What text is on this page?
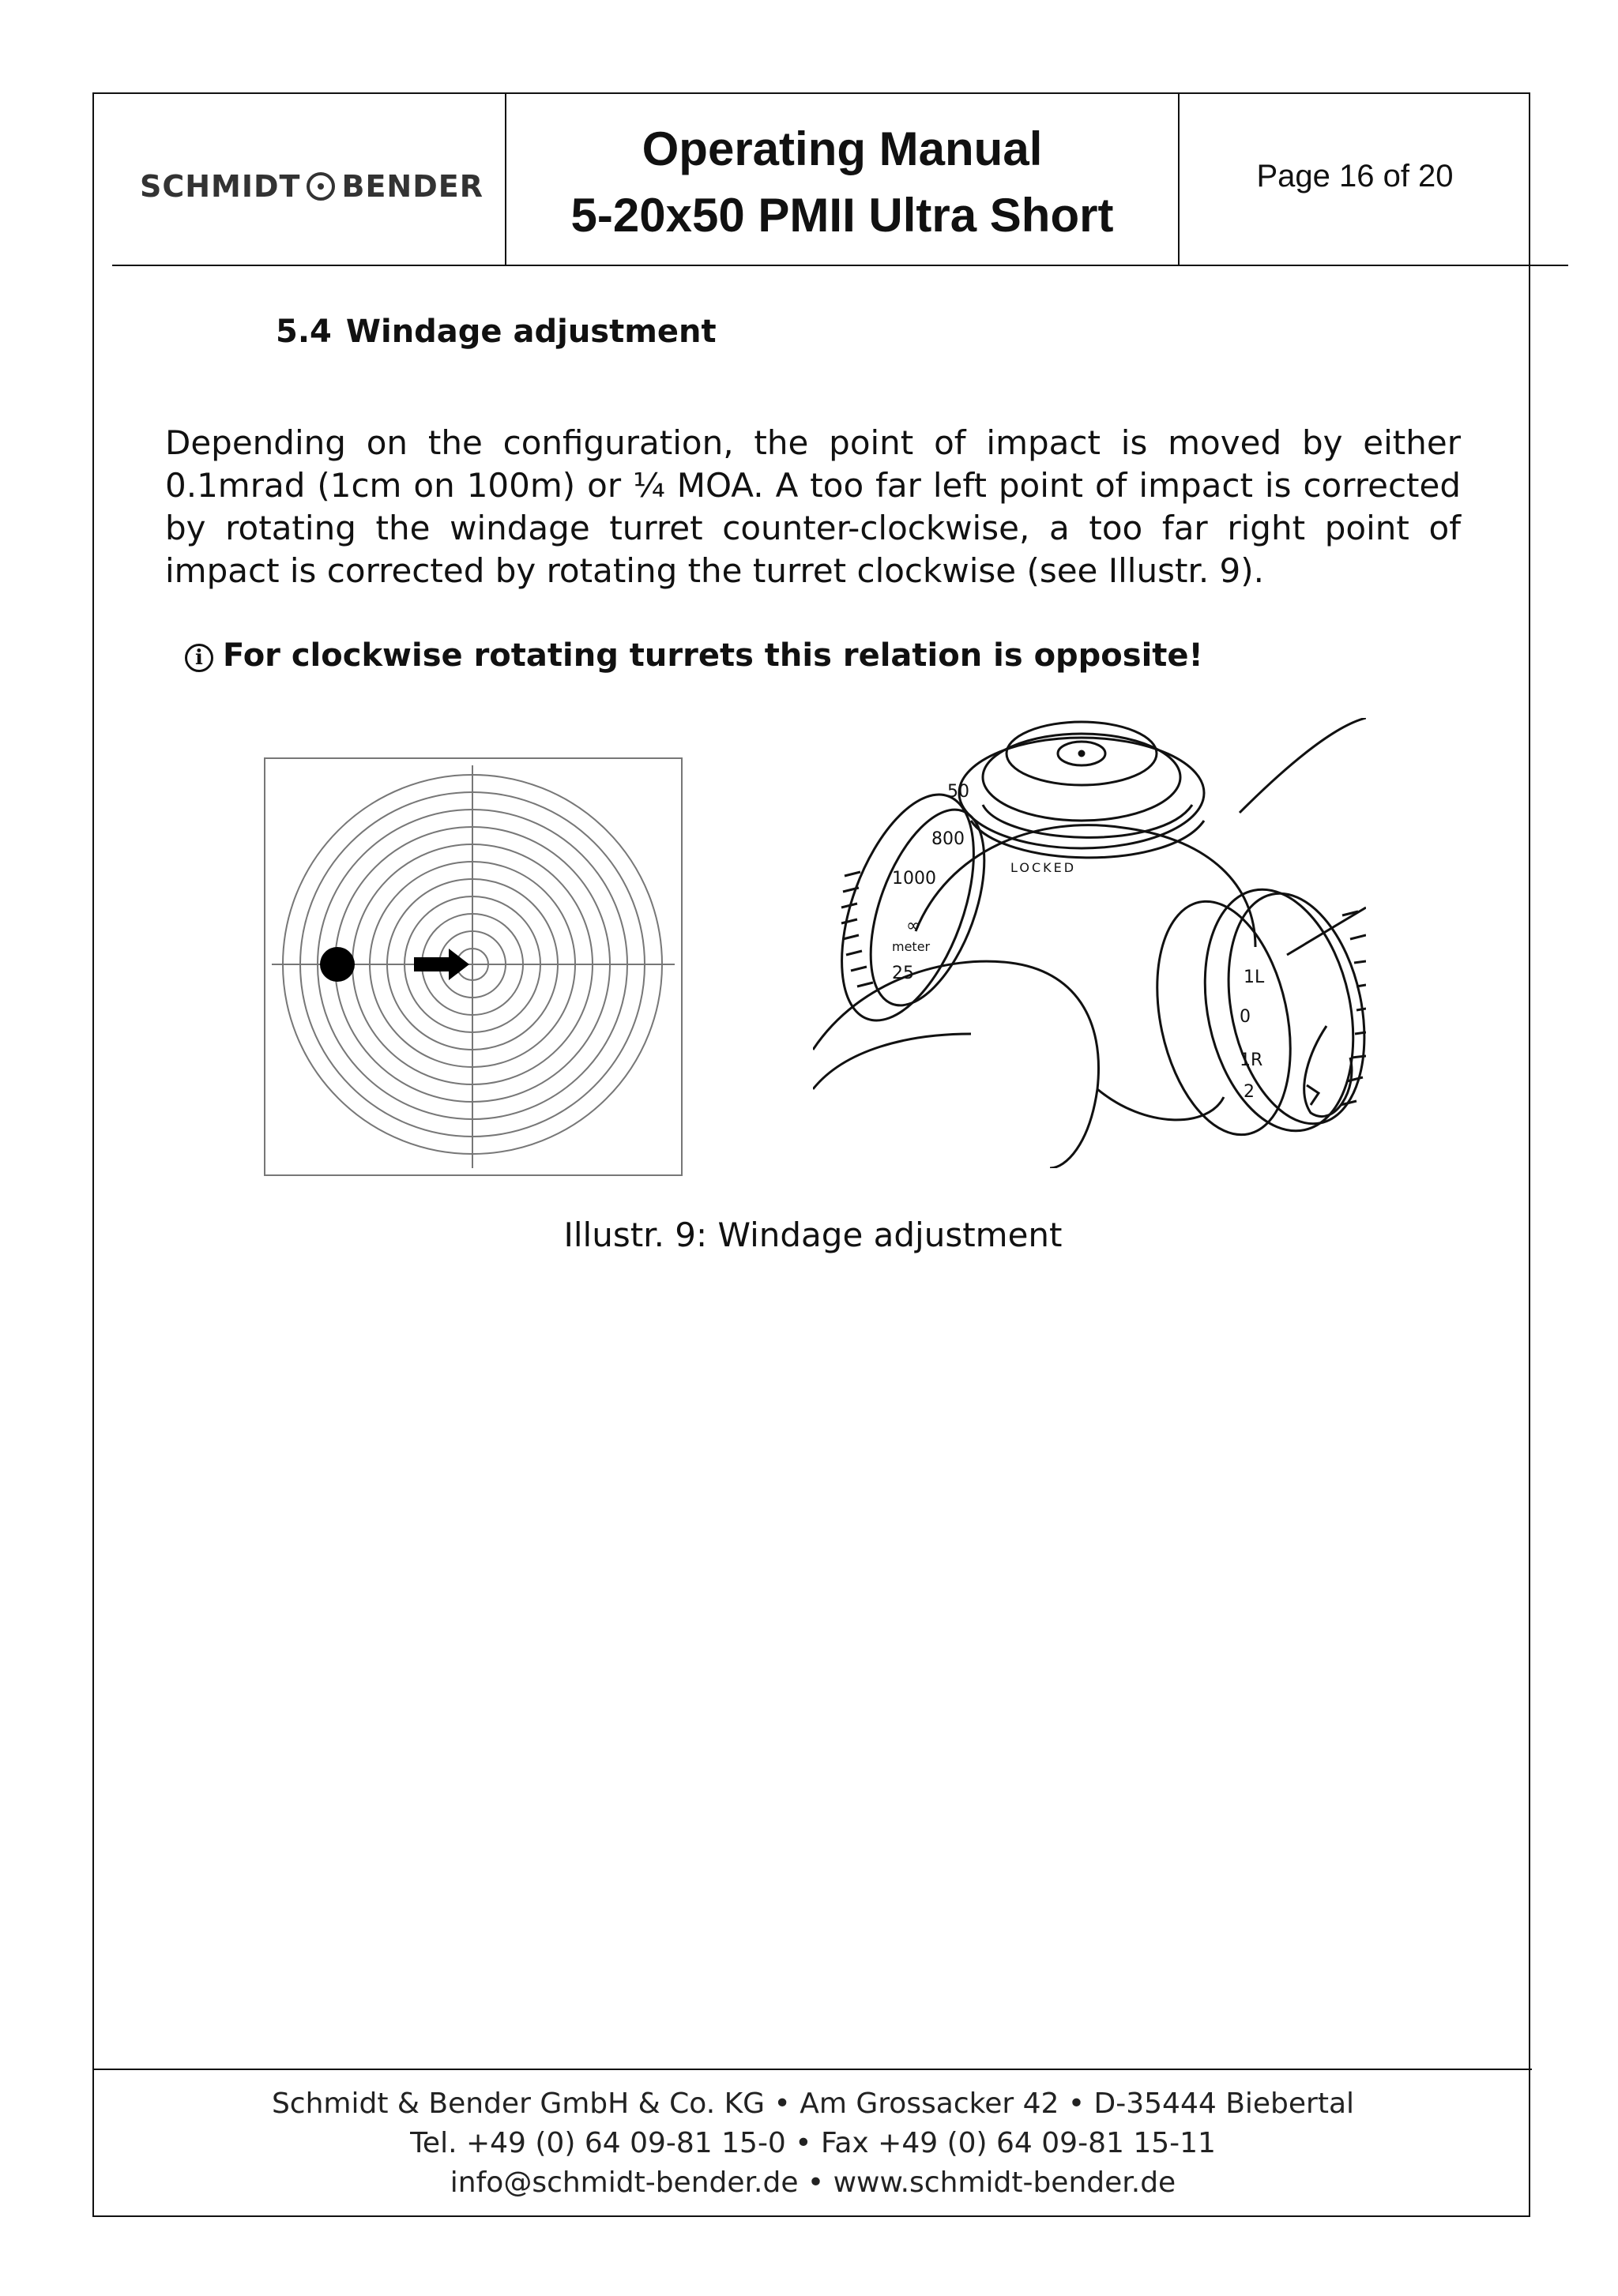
SCHMIDT BENDER
Operating Manual
5-20x50 PMII Ultra Short
Page 16 of 20
5.4 Windage adjustment
Depending on the configuration, the point of impact is moved by either 0.1mrad (1cm on 100m) or ¼ MOA. A too far left point of impact is corrected by rotating the windage turret counter-clockwise, a too far right point of impact is corrected by rotating the turret clockwise (see Illustr. 9).
i For clockwise rotating turrets this relation is opposite!
50
800
1000
∞
meter
25
LOCKED
1L
0
1R
2
Illustr. 9: Windage adjustment
Schmidt & Bender GmbH & Co. KG • Am Grossacker 42 • D-35444 Biebertal
Tel. +49 (0) 64 09-81 15-0 • Fax +49 (0) 64 09-81 15-11
info@schmidt-bender.de • www.schmidt-bender.de
